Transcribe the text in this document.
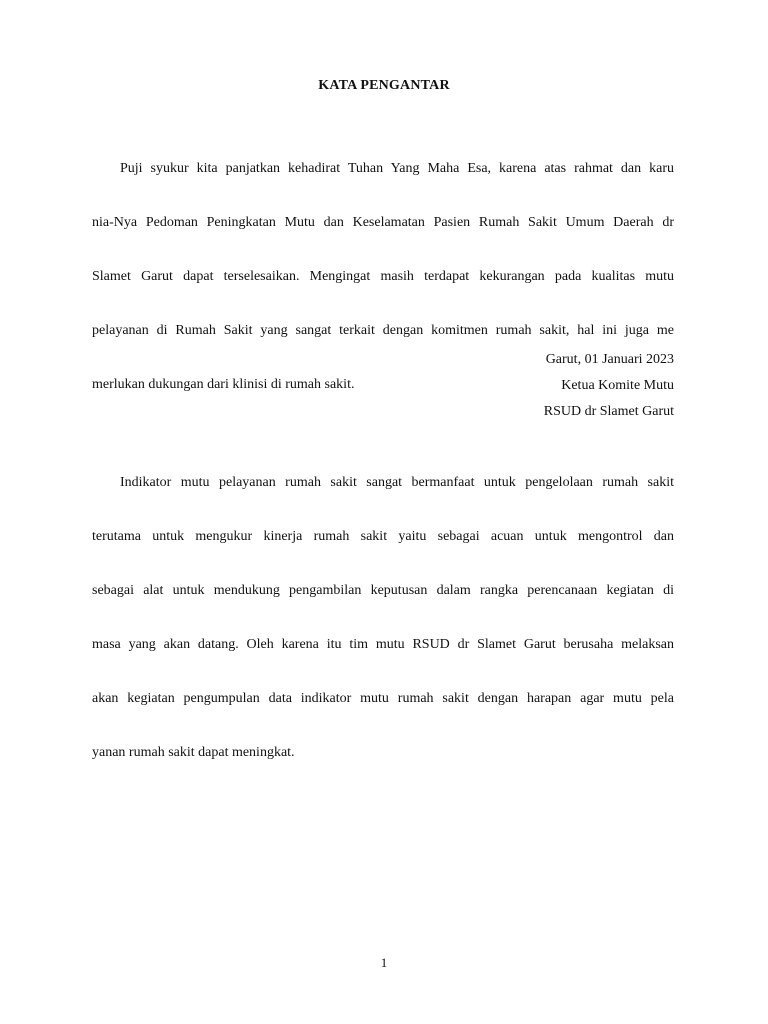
KATA PENGANTAR

Puji syukur kita panjatkan kehadirat Tuhan Yang Maha Esa, karena atas rahmat dan karu

nia-Nya Pedoman Peningkatan Mutu dan Keselamatan Pasien Rumah Sakit Umum Daerah dr

Slamet Garut dapat terselesaikan. Mengingat masih terdapat kekurangan pada kualitas mutu

pelayanan di Rumah Sakit yang sangat terkait dengan komitmen rumah sakit, hal ini juga me

merlukan dukungan dari klinisi di rumah sakit.

Indikator mutu pelayanan rumah sakit sangat bermanfaat untuk pengelolaan rumah sakit

terutama untuk mengukur kinerja rumah sakit yaitu sebagai acuan untuk mengontrol dan

sebagai alat untuk mendukung pengambilan keputusan dalam rangka perencanaan kegiatan di

masa yang akan datang. Oleh karena itu tim mutu RSUD dr Slamet Garut berusaha melaksan

akan kegiatan pengumpulan data indikator mutu rumah sakit dengan harapan agar mutu pela

yanan rumah sakit dapat meningkat.

Garut, 01 Januari 2023
Ketua Komite Mutu
RSUD dr Slamet Garut
1
